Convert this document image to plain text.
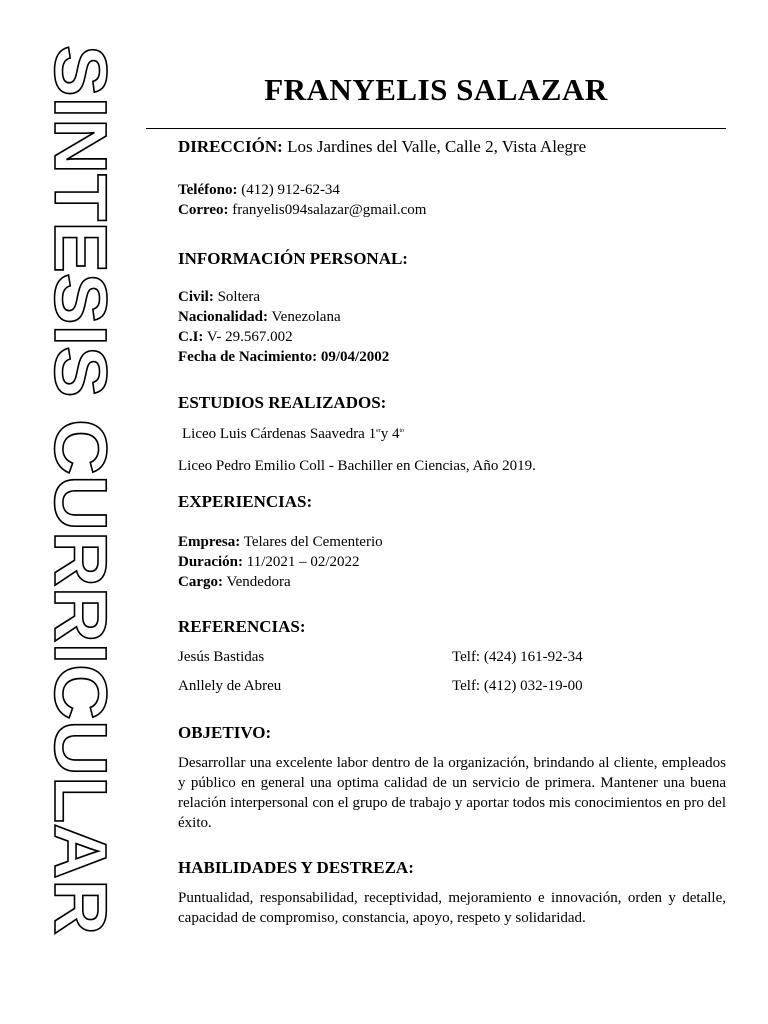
SINTESIS CURRICULAR	FRANYELIS SALAZAR
DIRECCIÓN: Los Jardines del Valle, Calle 2, Vista Alegre

Teléfono: (412) 912-62-34

Correo: franyelis094salazar@gmail.com

INFORMACIÓN PERSONAL:

Civil: Soltera

Nacionalidad: Venezolana

C.I: V- 29.567.002

Fecha de Nacimiento: 09/04/2002

ESTUDIOS REALIZADOS:

Liceo Luis Cárdenas Saavedra 1ery $4^{to}$

Liceo Pedro Emilio Coll - Bachiller en Ciencias, Año 2019.

EXPERIENCIAS:

Empresa: Telares del Cementerio

Duración: 11/2021 – 02/2022

Cargo: Vendedora

REFERENCIAS:

Jesús Bastidas	Telf: (424) 161-92-34
Anllely de Abreu	Telf: (412) 032-19-00

OBJETIVO:

Desarrollar una excelente labor dentro de la organización, brindando al cliente, empleados y público en general una optima calidad de un servicio de primera. Mantener una buena relación interpersonal con el grupo de trabajo y aportar todos mis conocimientos en pro del éxito.

HABILIDADES Y DESTREZA:

Puntualidad, responsabilidad, receptividad, mejoramiento e innovación, orden y detalle, capacidad de compromiso, constancia, apoyo, respeto y solidaridad.
